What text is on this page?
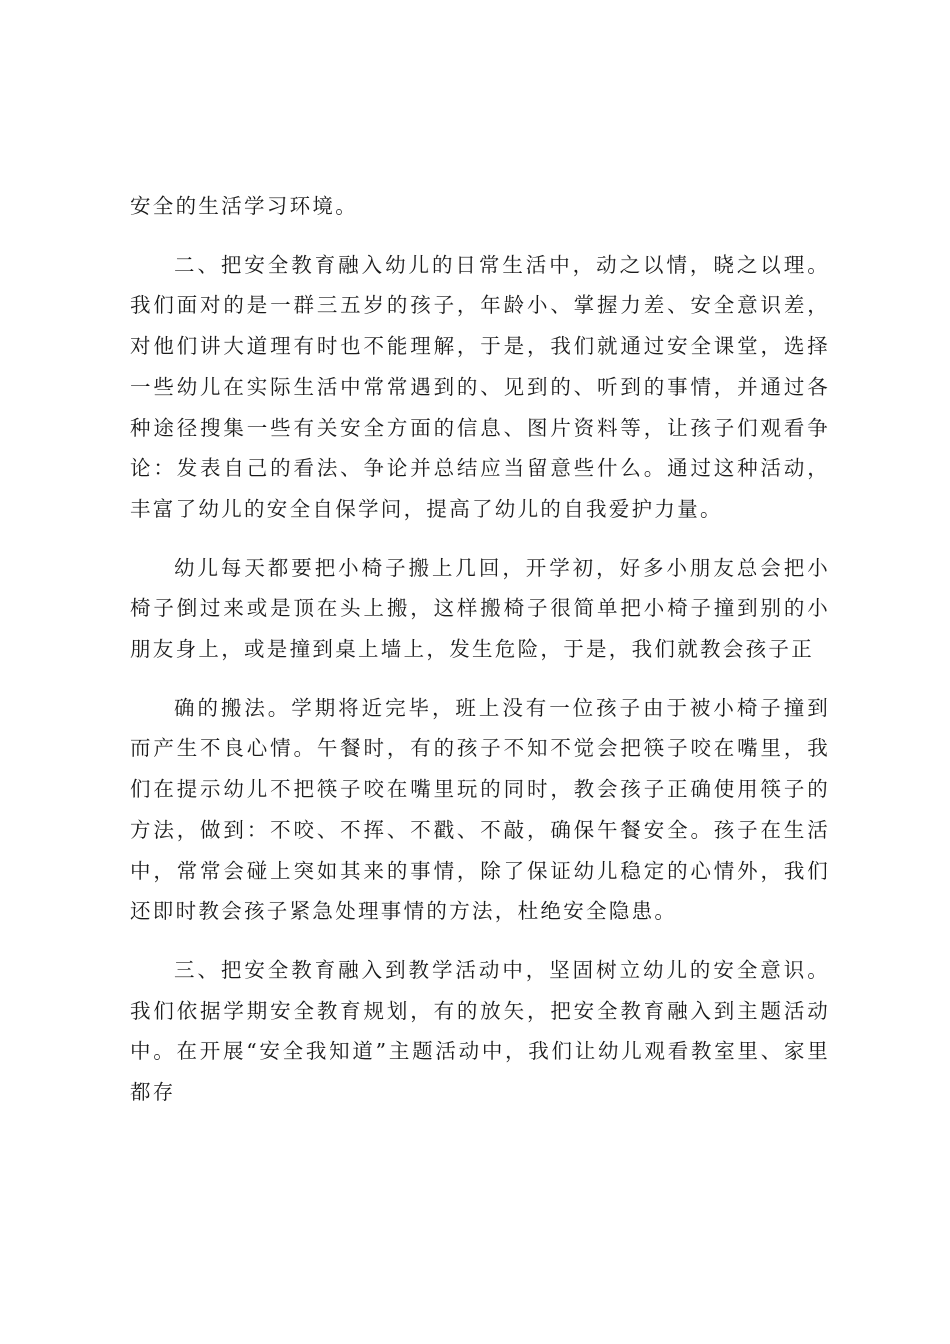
安全的生活学习环境。

二、把安全教育融入幼儿的日常生活中，动之以情，晓之以理。我们面对的是一群三五岁的孩子，年龄小、掌握力差、安全意识差，对他们讲大道理有时也不能理解，于是，我们就通过安全课堂，选择一些幼儿在实际生活中常常遇到的、见到的、听到的事情，并通过各种途径搜集一些有关安全方面的信息、图片资料等，让孩子们观看争论：发表自己的看法、争论并总结应当留意些什么。通过这种活动，丰富了幼儿的安全自保学问，提高了幼儿的自我爱护力量。

幼儿每天都要把小椅子搬上几回，开学初，好多小朋友总会把小椅子倒过来或是顶在头上搬，这样搬椅子很简单把小椅子撞到别的小朋友身上，或是撞到桌上墙上，发生危险，于是，我们就教会孩子正

确的搬法。学期将近完毕，班上没有一位孩子由于被小椅子撞到而产生不良心情。午餐时，有的孩子不知不觉会把筷子咬在嘴里，我们在提示幼儿不把筷子咬在嘴里玩的同时，教会孩子正确使用筷子的方法，做到：不咬、不挥、不戳、不敲，确保午餐安全。孩子在生活中，常常会碰上突如其来的事情，除了保证幼儿稳定的心情外，我们还即时教会孩子紧急处理事情的方法，杜绝安全隐患。

三、把安全教育融入到教学活动中，坚固树立幼儿的安全意识。我们依据学期安全教育规划，有的放矢，把安全教育融入到主题活动中。在开展“安全我知道”主题活动中，我们让幼儿观看教室里、家里都存
